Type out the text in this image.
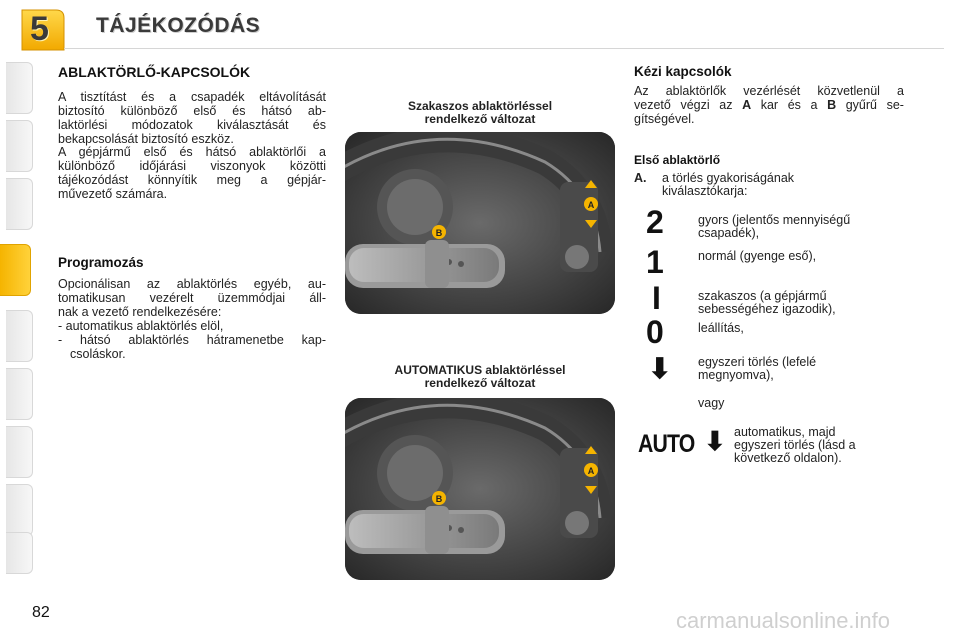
5 TÁJÉKOZÓDÁS
ABLAKTÖRLŐ-KAPCSOLÓK
A tisztítást és a csapadék eltávolítását
biztosító különböző első és hátsó ab-
laktörlési módozatok kiválasztását és
bekapcsolását biztosító eszköz.
A gépjármű első és hátsó ablaktörlői a
különböző időjárási viszonyok közötti
tájékozódást könnyítik meg a gépjár-
művezető számára.
Programozás
Opcionálisan az ablaktörlés egyéb, au-
tomatikusan vezérelt üzemmódjai áll-
nak a vezető rendelkezésére:
- automatikus ablaktörlés elöl,
- hátsó ablaktörlés hátramenetbe kap-
csoláskor.
Szakaszos ablaktörléssel
rendelkező változat
B
A
AUTOMATIKUS ablaktörléssel
rendelkező változat
B
A
Kézi kapcsolók
Az ablaktörlők vezérlését közvetlenül a
vezető végzi az A kar és a B gyűrű se-
gítségével.
Első ablaktörlő
A. a törlés gyakoriságának
kiválasztókarja:
2	gyors (jelentős mennyiségű
csapadék),
1	normál (gyenge eső),
I	szakaszos (a gépjármű
sebességéhez igazodik),
0	leállítás,
⬇ egyszeri törlés (lefelé
megnyomva),
vagy
AUTO ⬇ automatikus, majd
egyszeri törlés (lásd a
következő oldalon).
82	carmanualsonline.info
